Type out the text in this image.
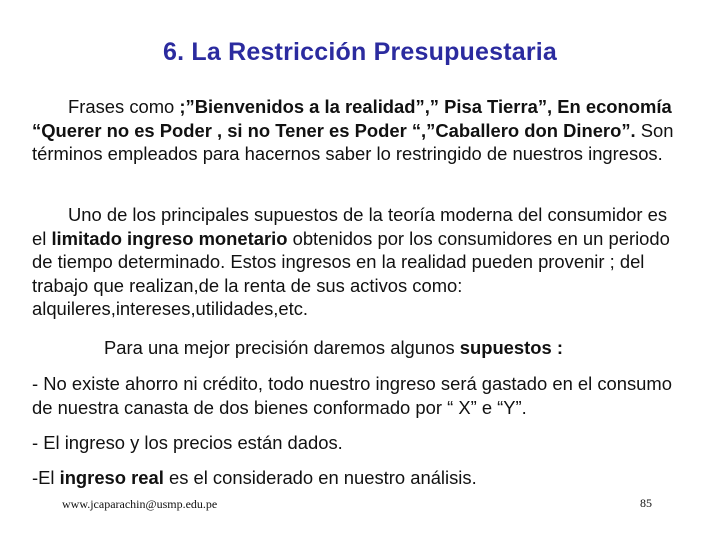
6. La Restricción Presupuestaria
Frases como ;”Bienvenidos a la realidad”,” Pisa Tierra”, En economía “Querer no es Poder , si no Tener es Poder “,”Caballero don Dinero”. Son términos empleados para hacernos saber lo restringido de nuestros ingresos.
Uno de los principales supuestos de la teoría moderna del consumidor es el limitado ingreso monetario obtenidos por los consumidores en un periodo de tiempo determinado. Estos ingresos en la realidad pueden provenir ; del trabajo que realizan,de la renta de sus activos como: alquileres,intereses,utilidades,etc.
Para una mejor precisión daremos algunos supuestos :
- No existe ahorro ni crédito, todo nuestro ingreso será gastado en el consumo de nuestra canasta de dos bienes conformado por “ X” e “Y”.
- El ingreso y los precios están dados.
-El ingreso real es el considerado en nuestro análisis.
www.jcaparachin@usmp.edu.pe	85
